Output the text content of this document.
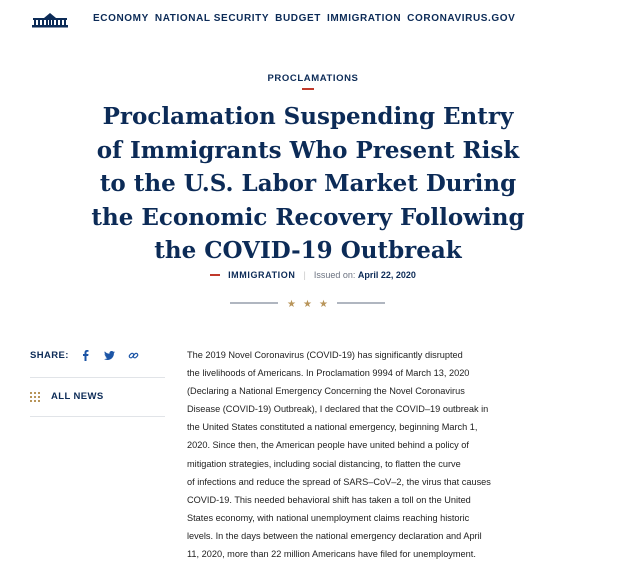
ECONOMY NATIONAL SECURITY BUDGET IMMIGRATION CORONAVIRUS.GOV
PROCLAMATIONS
Proclamation Suspending Entry of Immigrants Who Present Risk to the U.S. Labor Market During the Economic Recovery Following the COVID-19 Outbreak
IMMIGRATION | Issued on: April 22, 2020
★ ★ ★
SHARE:
ALL NEWS

The 2019 Novel Coronavirus (COVID-19) has significantly disrupted
the livelihoods of Americans. In Proclamation 9994 of March 13, 2020
(Declaring a National Emergency Concerning the Novel Coronavirus
Disease (COVID-19) Outbreak), I declared that the COVID–19 outbreak in
the United States constituted a national emergency, beginning March 1,
2020. Since then, the American people have united behind a policy of
mitigation strategies, including social distancing, to flatten the curve
of infections and reduce the spread of SARS–CoV–2, the virus that causes
COVID-19. This needed behavioral shift has taken a toll on the United
States economy, with national unemployment claims reaching historic
levels. In the days between the national emergency declaration and April
11, 2020, more than 22 million Americans have filed for unemployment.
